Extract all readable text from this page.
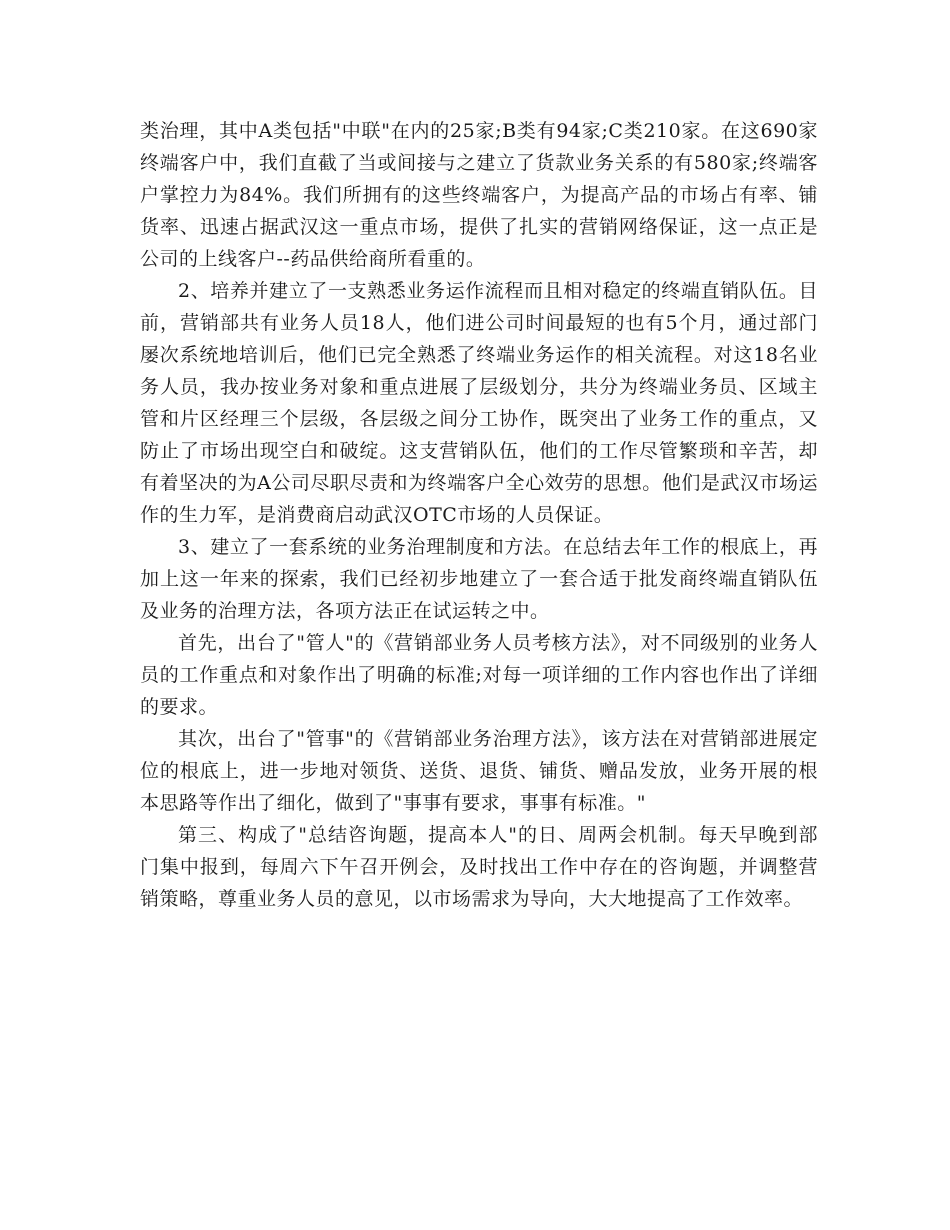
类治理，其中A类包括"中联"在内的25家;B类有94家;C类210家。在这690家终端客户中，我们直截了当或间接与之建立了货款业务关系的有580家;终端客户掌控力为84%。我们所拥有的这些终端客户，为提高产品的市场占有率、铺货率、迅速占据武汉这一重点市场，提供了扎实的营销网络保证，这一点正是公司的上线客户--药品供给商所看重的。

2、培养并建立了一支熟悉业务运作流程而且相对稳定的终端直销队伍。目前，营销部共有业务人员18人，他们进公司时间最短的也有5个月，通过部门屡次系统地培训后，他们已完全熟悉了终端业务运作的相关流程。对这18名业务人员，我办按业务对象和重点进展了层级划分，共分为终端业务员、区域主管和片区经理三个层级，各层级之间分工协作，既突出了业务工作的重点，又防止了市场出现空白和破绽。这支营销队伍，他们的工作尽管繁琐和辛苦，却有着坚决的为A公司尽职尽责和为终端客户全心效劳的思想。他们是武汉市场运作的生力军，是消费商启动武汉OTC市场的人员保证。

3、建立了一套系统的业务治理制度和方法。在总结去年工作的根底上，再加上这一年来的探索，我们已经初步地建立了一套合适于批发商终端直销队伍及业务的治理方法，各项方法正在试运转之中。

首先，出台了"管人"的《营销部业务人员考核方法》，对不同级别的业务人员的工作重点和对象作出了明确的标准;对每一项详细的工作内容也作出了详细的要求。

其次，出台了"管事"的《营销部业务治理方法》，该方法在对营销部进展定位的根底上，进一步地对领货、送货、退货、铺货、赠品发放，业务开展的根本思路等作出了细化，做到了"事事有要求，事事有标准。"

第三、构成了"总结咨询题，提高本人"的日、周两会机制。每天早晚到部门集中报到，每周六下午召开例会，及时找出工作中存在的咨询题，并调整营销策略，尊重业务人员的意见，以市场需求为导向，大大地提高了工作效率。
